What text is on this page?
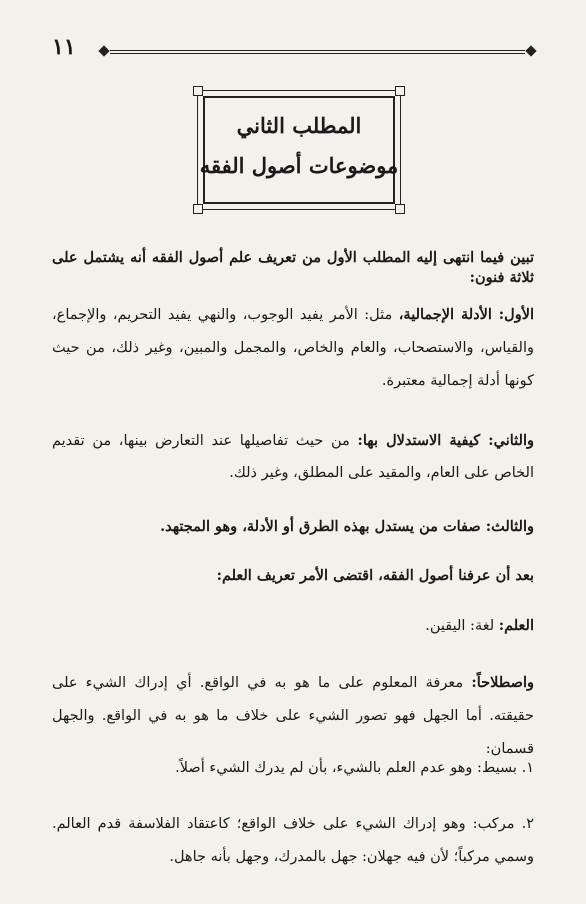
١١
المطلب الثاني
موضوعات أصول الفقه
تبين فيما انتهى إليه المطلب الأول من تعريف علم أصول الفقه أنه يشتمل على ثلاثة فنون:
الأول: الأدلة الإجمالية، مثل: الأمر يفيد الوجوب، والنهي يفيد التحريم، والإجماع، والقياس، والاستصحاب، والعام والخاص، والمجمل والمبين، وغير ذلك، من حيث كونها أدلة إجمالية معتبرة.
والثاني: كيفية الاستدلال بها: من حيث تفاصيلها عند التعارض بينها، من تقديم الخاص على العام، والمقيد على المطلق، وغير ذلك.
والثالث: صفات من يستدل بهذه الطرق أو الأدلة، وهو المجتهد.
بعد أن عرفنا أصول الفقه، اقتضى الأمر تعريف العلم:
العلم: لغة: اليقين.
واصطلاحاً: معرفة المعلوم على ما هو به في الواقع. أي إدراك الشيء على حقيقته. أما الجهل فهو تصور الشيء على خلاف ما هو به في الواقع. والجهل قسمان:
١. بسيط: وهو عدم العلم بالشيء، بأن لم يدرك الشيء أصلاً.
٢. مركب: وهو إدراك الشيء على خلاف الواقع؛ كاعتقاد الفلاسفة قدم العالم. وسمي مركباً؛ لأن فيه جهلان: جهل بالمدرك، وجهل بأنه جاهل.
